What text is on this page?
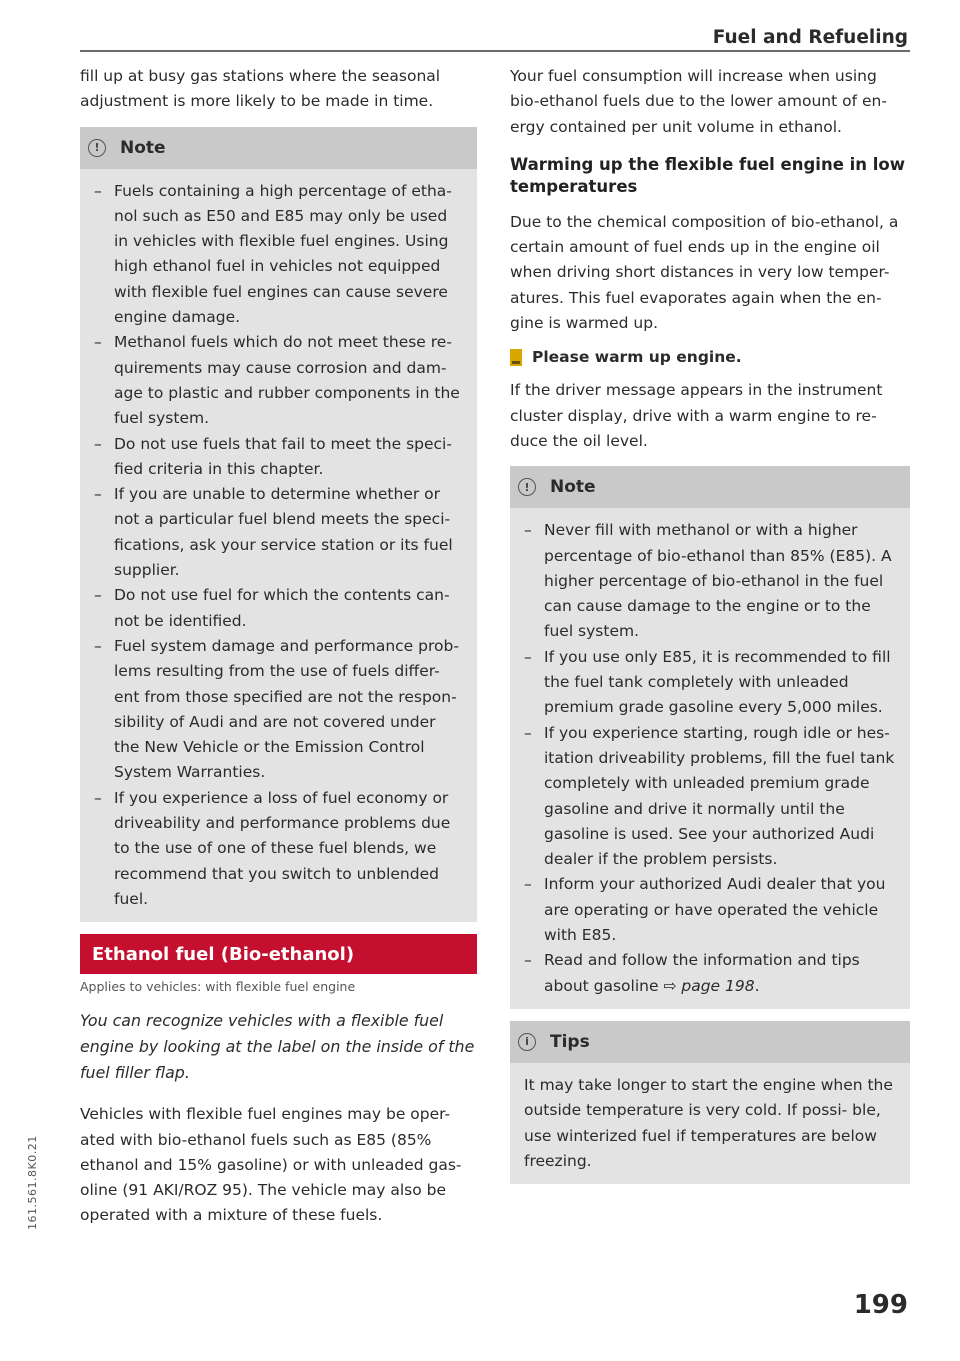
Fuel and Refueling

fill up at busy gas stations where the seasonal adjustment is more likely to be made in time.

!	Note
– Fuels containing a high percentage of etha- nol such as E50 and E85 may only be used in vehicles with flexible fuel engines. Using high ethanol fuel in vehicles not equipped with flexible fuel engines can cause severe engine damage.
– Methanol fuels which do not meet these re- quirements may cause corrosion and dam- age to plastic and rubber components in the fuel system.
– Do not use fuels that fail to meet the speci- fied criteria in this chapter.
– If you are unable to determine whether or not a particular fuel blend meets the speci- fications, ask your service station or its fuel supplier.
– Do not use fuel for which the contents can- not be identified.
– Fuel system damage and performance prob- lems resulting from the use of fuels differ- ent from those specified are not the respon- sibility of Audi and are not covered under the New Vehicle or the Emission Control System Warranties.
– If you experience a loss of fuel economy or driveability and performance problems due to the use of one of these fuel blends, we recommend that you switch to unblended fuel.
Ethanol fuel (Bio-ethanol)
Applies to vehicles: with flexible fuel engine

You can recognize vehicles with a flexible fuel engine by looking at the label on the inside of the fuel filler flap.

Vehicles with flexible fuel engines may be oper- ated with bio-ethanol fuels such as E85 (85% ethanol and 15% gasoline) or with unleaded gas- oline (91 AKI/ROZ 95). The vehicle may also be operated with a mixture of these fuels.

Your fuel consumption will increase when using bio-ethanol fuels due to the lower amount of en- ergy contained per unit volume in ethanol.

Warming up the flexible fuel engine in low temperatures

Due to the chemical composition of bio-ethanol, a certain amount of fuel ends up in the engine oil when driving short distances in very low temper- atures. This fuel evaporates again when the en- gine is warmed up.

Please warm up engine.

If the driver message appears in the instrument cluster display, drive with a warm engine to re- duce the oil level.

!	Note
– Never fill with methanol or with a higher percentage of bio-ethanol than 85% (E85). A higher percentage of bio-ethanol in the fuel can cause damage to the engine or to the fuel system.
– If you use only E85, it is recommended to fill the fuel tank completely with unleaded premium grade gasoline every 5,000 miles.
– If you experience starting, rough idle or hes- itation driveability problems, fill the fuel tank completely with unleaded premium grade gasoline and drive it normally until the gasoline is used. See your authorized Audi dealer if the problem persists.
– Inform your authorized Audi dealer that you are operating or have operated the vehicle with E85.
– Read and follow the information and tips about gasoline ⇨ page 198.
i	Tips

It may take longer to start the engine when the outside temperature is very cold. If possi- ble, use winterized fuel if temperatures are below freezing.

161.561.8K0.21
199
